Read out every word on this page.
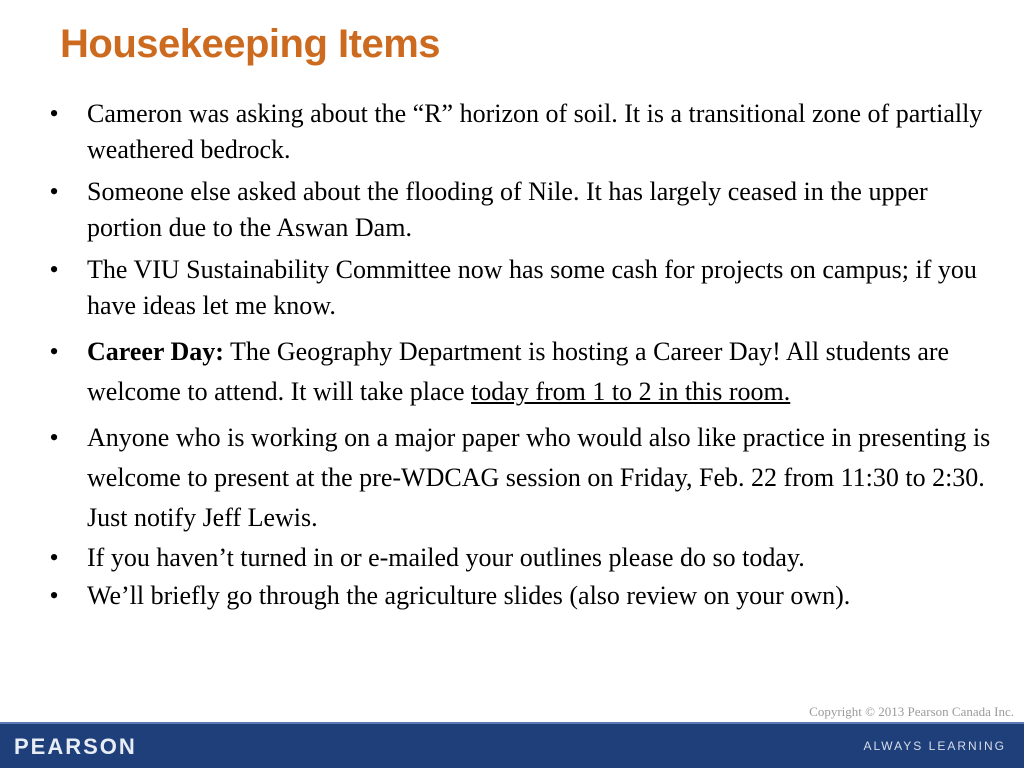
Housekeeping Items
• Cameron was asking about the “R” horizon of soil. It is a transitional zone of partially weathered bedrock.
• Someone else asked about the flooding of Nile. It has largely ceased in the upper portion due to the Aswan Dam.
• The VIU Sustainability Committee now has some cash for projects on campus; if you have ideas let me know.
• Career Day: The Geography Department is hosting a Career Day! All students are welcome to attend. It will take place today from 1 to 2 in this room.
• Anyone who is working on a major paper who would also like practice in presenting is welcome to present at the pre-WDCAG session on Friday, Feb. 22 from 11:30 to 2:30. Just notify Jeff Lewis.
• If you haven’t turned in or e-mailed your outlines please do so today.
• We’ll briefly go through the agriculture slides (also review on your own).
Copyright © 2013 Pearson Canada Inc.
PEARSON	ALWAYS LEARNING
